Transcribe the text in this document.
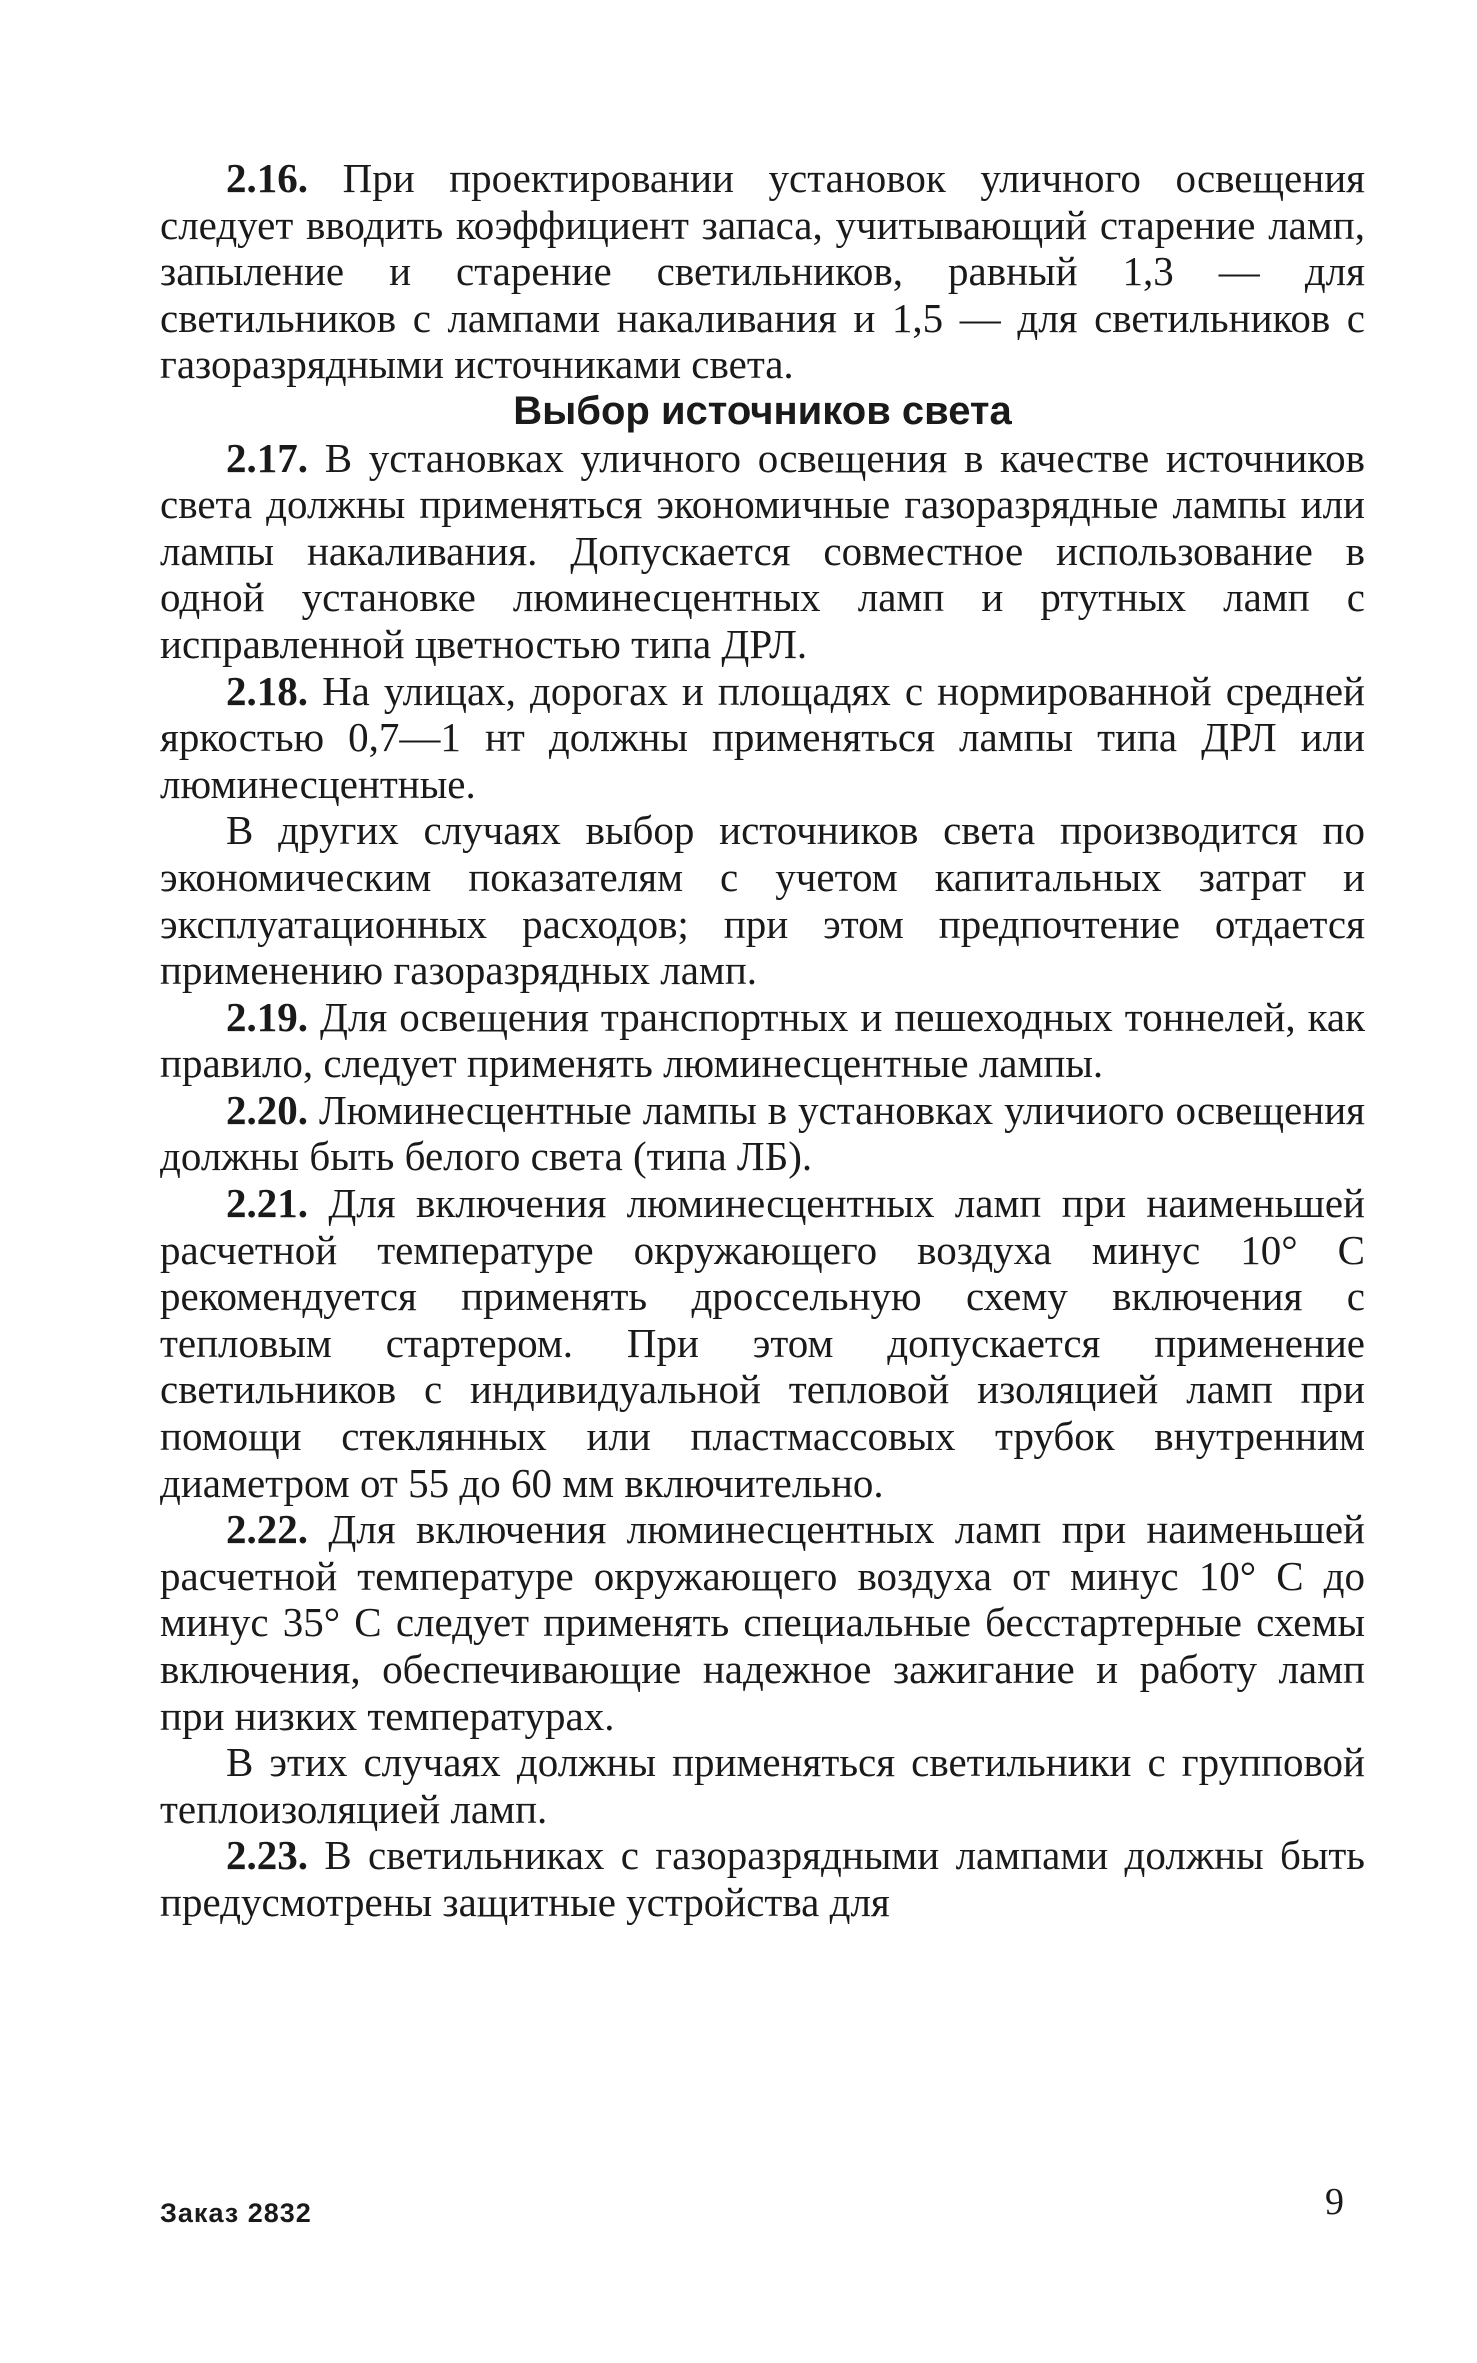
2.16. При проектировании установок уличного освещения следует вводить коэффициент запаса, учитывающий старение ламп, запыление и старение светильников, равный 1,3 — для светильников с лампами накаливания и 1,5 — для светильников с газоразрядными источниками света.

Выбор источников света

2.17. В установках уличного освещения в качестве источников света должны применяться экономичные газоразрядные лампы или лампы накаливания. Допускается совместное использование в одной установке люминесцентных ламп и ртутных ламп с исправленной цветностью типа ДРЛ.

2.18. На улицах, дорогах и площадях с нормированной средней яркостью 0,7—1 нт должны применяться лампы типа ДРЛ или люминесцентные.

В других случаях выбор источников света производится по экономическим показателям с учетом капитальных затрат и эксплуатационных расходов; при этом предпочтение отдается применению газоразрядных ламп.

2.19. Для освещения транспортных и пешеходных тоннелей, как правило, следует применять люминесцентные лампы.

2.20. Люминесцентные лампы в установках уличиого освещения должны быть белого света (типа ЛБ).

2.21. Для включения люминесцентных ламп при наименьшей расчетной температуре окружающего воздуха минус 10° С рекомендуется применять дроссельную схему включения с тепловым стартером. При этом допускается применение светильников с индивидуальной тепловой изоляцией ламп при помощи стеклянных или пластмассовых трубок внутренним диаметром от 55 до 60 мм включительно.

2.22. Для включения люминесцентных ламп при наименьшей расчетной температуре окружающего воздуха от минус 10° С до минус 35° С следует применять специальные бесстартерные схемы включения, обеспечивающие надежное зажигание и работу ламп при низких температурах.

В этих случаях должны применяться светильники с групповой теплоизоляцией ламп.

2.23. В светильниках с газоразрядными лампами должны быть предусмотрены защитные устройства для

Заказ 2832	9
